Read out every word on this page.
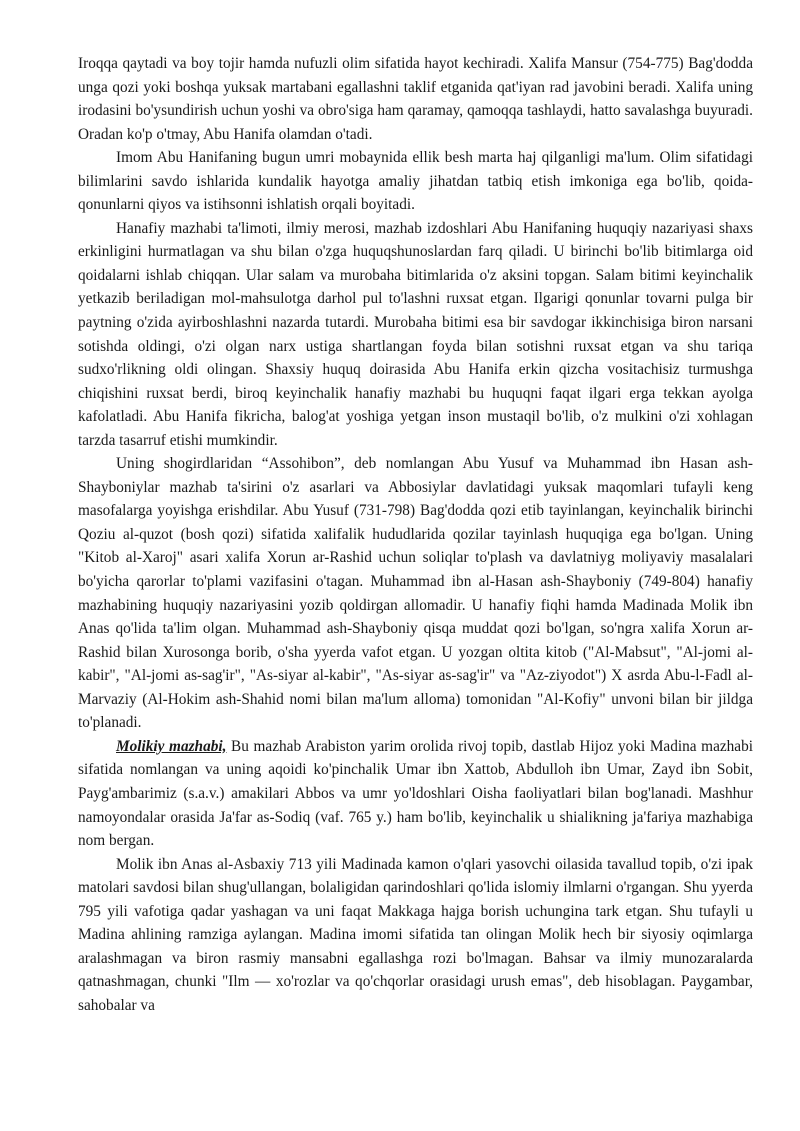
Iroqqa qaytadi va boy tojir hamda nufuzli olim sifatida hayot kechiradi. Xalifa Mansur (754-775) Bag'dodda unga qozi yoki boshqa yuksak martabani egallashni taklif etganida qat'iyan rad javobini beradi. Xalifa uning irodasini bo'ysundirish uchun yoshi va obro'siga ham qaramay, qamoqqa tashlaydi, hatto savalashga buyuradi. Oradan ko'p o'tmay, Abu Hanifa olamdan o'tadi.

Imom Abu Hanifaning bugun umri mobaynida ellik besh marta haj qilganligi ma'lum. Olim sifatidagi bilimlarini savdo ishlarida kundalik hayotga amaliy jihatdan tatbiq etish imkoniga ega bo'lib, qoida-qonunlarni qiyos va istihsonni ishlatish orqali boyitadi.

Hanafiy mazhabi ta'limoti, ilmiy merosi, mazhab izdoshlari Abu Hanifaning huquqiy nazariyasi shaxs erkinligini hurmatlagan va shu bilan o'zga huquqshunoslardan farq qiladi. U birinchi bo'lib bitimlarga oid qoidalarni ishlab chiqqan. Ular salam va murobaha bitimlarida o'z aksini topgan. Salam bitimi keyinchalik yetkazib beriladigan mol-mahsulotga darhol pul to'lashni ruxsat etgan. Ilgarigi qonunlar tovarni pulga bir paytning o'zida ayirboshlashni nazarda tutardi. Murobaha bitimi esa bir savdogar ikkinchisiga biron narsani sotishda oldingi, o'zi olgan narx ustiga shartlangan foyda bilan sotishni ruxsat etgan va shu tariqa sudxo'rlikning oldi olingan. Shaxsiy huquq doirasida Abu Hanifa erkin qizcha vositachisiz turmushga chiqishini ruxsat berdi, biroq keyinchalik hanafiy mazhabi bu huquqni faqat ilgari erga tekkan ayolga kafolatladi. Abu Hanifa fikricha, balog'at yoshiga yetgan inson mustaqil bo'lib, o'z mulkini o'zi xohlagan tarzda tasarruf etishi mumkindir.

Uning shogirdlaridan “Assohibon”, deb nomlangan Abu Yusuf va Muhammad ibn Hasan ash-Shayboniylar mazhab ta'sirini o'z asarlari va Abbosiylar davlatidagi yuksak maqomlari tufayli keng masofalarga yoyishga erishdilar. Abu Yusuf (731-798) Bag'dodda qozi etib tayinlangan, keyinchalik birinchi Qoziu al-quzot (bosh qozi) sifatida xalifalik hududlarida qozilar tayinlash huquqiga ega bo'lgan. Uning "Kitob al-Xaroj" asari xalifa Xorun ar-Rashid uchun soliqlar to'plash va davlatniyg moliyaviy masalalari bo'yicha qarorlar to'plami vazifasini o'tagan. Muhammad ibn al-Hasan ash-Shayboniy (749-804) hanafiy mazhabining huquqiy nazariyasini yozib qoldirgan allomadir. U hanafiy fiqhi hamda Madinada Molik ibn Anas qo'lida ta'lim olgan. Muhammad ash-Shayboniy qisqa muddat qozi bo'lgan, so'ngra xalifa Xorun ar-Rashid bilan Xurosonga borib, o'sha yyerda vafot etgan. U yozgan oltita kitob ("Al-Mabsut", "Al-jomi al-kabir", "Al-jomi as-sag'ir", "As-siyar al-kabir", "As-siyar as-sag'ir" va "Az-ziyodot") X asrda Abu-l-Fadl al-Marvaziy (Al-Hokim ash-Shahid nomi bilan ma'lum alloma) tomonidan "Al-Kofiy" unvoni bilan bir jildga to'planadi.

Molikiy mazhabi, Bu mazhab Arabiston yarim orolida rivoj topib, dastlab Hijoz yoki Madina mazhabi sifatida nomlangan va uning aqoidi ko'pinchalik Umar ibn Xattob, Abdulloh ibn Umar, Zayd ibn Sobit, Payg'ambarimiz (s.a.v.) amakilari Abbos va umr yo'ldoshlari Oisha faoliyatlari bilan bog'lanadi. Mashhur namoyondalar orasida Ja'far as-Sodiq (vaf. 765 y.) ham bo'lib, keyinchalik u shialikning ja'fariya mazhabiga nom bergan.

Molik ibn Anas al-Asbaxiy 713 yili Madinada kamon o'qlari yasovchi oilasida tavallud topib, o'zi ipak matolari savdosi bilan shug'ullangan, bolaligidan qarindoshlari qo'lida islomiy ilmlarni o'rgangan. Shu yyerda 795 yili vafotiga qadar yashagan va uni faqat Makkaga hajga borish uchungina tark etgan. Shu tufayli u Madina ahlining ramziga aylangan. Madina imomi sifatida tan olingan Molik hech bir siyosiy oqimlarga aralashmagan va biron rasmiy mansabni egallashga rozi bo'lmagan. Bahsar va ilmiy munozaralarda qatnashmagan, chunki "Ilm — xo'rozlar va qo'chqorlar orasidagi urush emas", deb hisoblagan. Paygambar, sahobalar va
